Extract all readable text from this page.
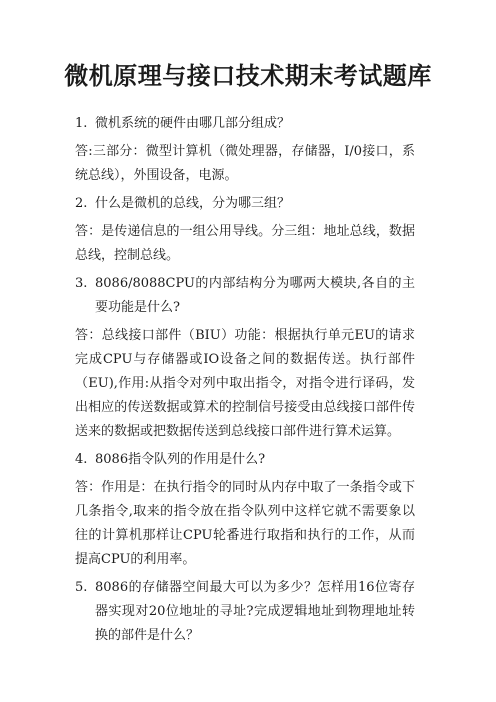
微机原理与接口技术期末考试题库
1. 微机系统的硬件由哪几部分组成？

答:三部分：微型计算机（微处理器，存储器，I/0接口，系统总线），外围设备，电源。

2. 什么是微机的总线，分为哪三组？

答：是传递信息的一组公用导线。分三组：地址总线，数据总线，控制总线。

3. 8086/8088CPU的内部结构分为哪两大模块,各自的主要功能是什么?

答：总线接口部件（BIU）功能：根据执行单元EU的请求完成CPU与存储器或IO设备之间的数据传送。执行部件（EU),作用:从指令对列中取出指令，对指令进行译码，发出相应的传送数据或算术的控制信号接受由总线接口部件传送来的数据或把数据传送到总线接口部件进行算术运算。

4. 8086指令队列的作用是什么?

答：作用是：在执行指令的同时从内存中取了一条指令或下几条指令,取来的指令放在指令队列中这样它就不需要象以往的计算机那样让CPU轮番进行取指和执行的工作，从而提高CPU的利用率。

5. 8086的存储器空间最大可以为多少？怎样用16位寄存器实现对20位地址的寻址?完成逻辑地址到物理地址转换的部件是什么？
